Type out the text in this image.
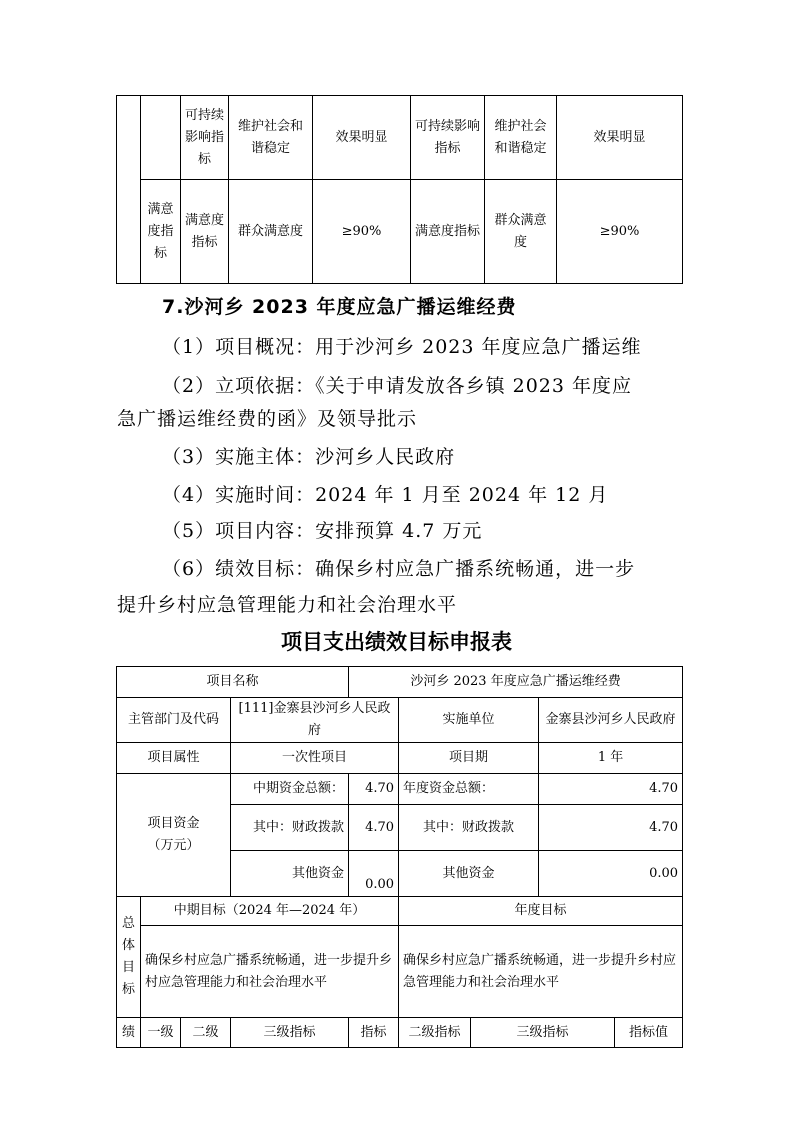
		可持续影响指标	维护社会和谐稳定	效果明显	可持续影响指标	维护社会和谐稳定	效果明显
	满意度指标	满意度指标	群众满意度	≥90%	满意度指标	群众满意度	≥90%
7.沙河乡 2023 年度应急广播运维经费
（1）项目概况：用于沙河乡 2023 年度应急广播运维
（2）立项依据：《关于申请发放各乡镇 2023 年度应
急广播运维经费的函》及领导批示
（3）实施主体：沙河乡人民政府
（4）实施时间：2024 年 1 月至 2024 年 12 月
（5）项目内容：安排预算 4.7 万元
（6）绩效目标：确保乡村应急广播系统畅通，进一步
提升乡村应急管理能力和社会治理水平
项目支出绩效目标申报表
项目名称				沙河乡 2023 年度应急广播运维经费				
主管部门及代码			[111]金寨县沙河乡人民政府		实施单位		金寨县沙河乡人民政府	
项目属性			一次性项目		项目期		1 年	

项目资金
（万元）			中期资金总额：	4.70	年度资金总额：		4.70	
			其中：财政拨款	4.70	其中：财政拨款		4.70	
			其他资金	0.00	其他资金		0.00	
总体目标	中期目标（2024 年—2024 年）				年度目标			
	确保乡村应急广播系统畅通，进一步提升乡村应急管理能力和社会治理水平				确保乡村应急广播系统畅通，进一步提升乡村应急管理能力和社会治理水平			
绩	一级	二级	三级指标	指标	二级指标	三级指标		指标值
